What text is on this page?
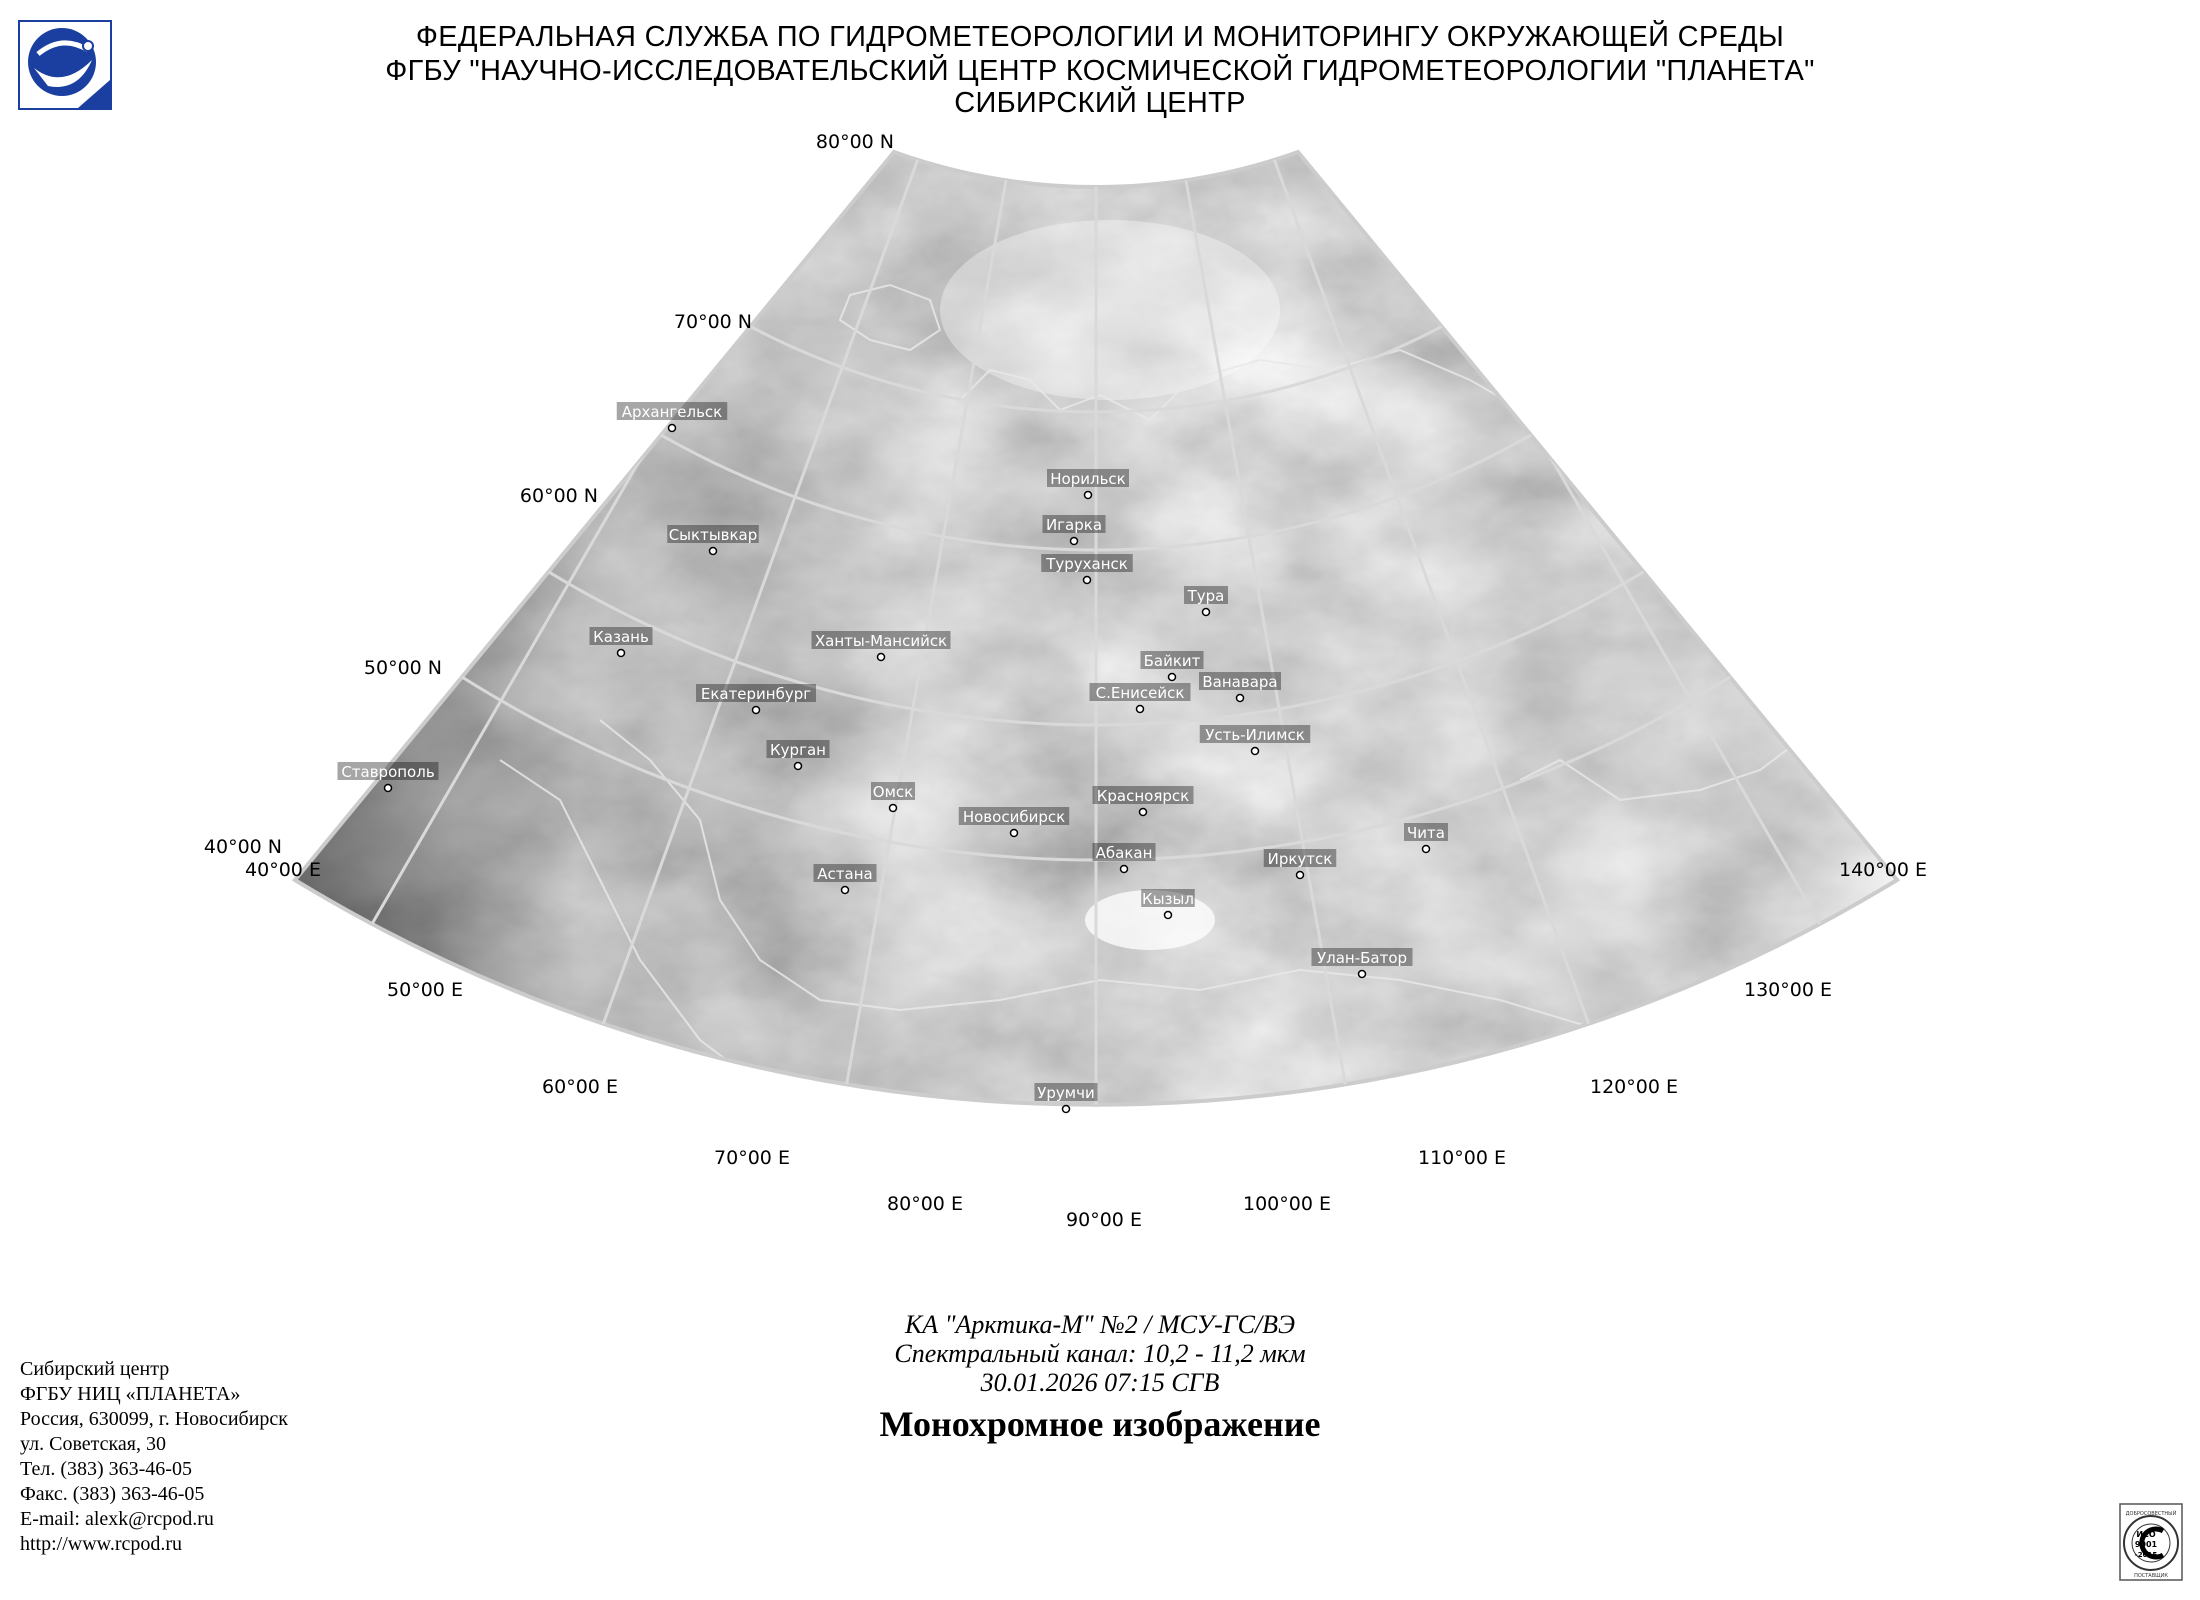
ФЕДЕРАЛЬНАЯ СЛУЖБА ПО ГИДРОМЕТЕОРОЛОГИИ И МОНИТОРИНГУ ОКРУЖАЮЩЕЙ СРЕДЫ
ФГБУ "НАУЧНО-ИССЛЕДОВАТЕЛЬСКИЙ ЦЕНТР КОСМИЧЕСКОЙ ГИДРОМЕТЕОРОЛОГИИ "ПЛАНЕТА"
СИБИРСКИЙ ЦЕНТР
80°00 N
70°00 N
60°00 N
50°00 N
40°00 N
40°00 E
50°00 E
60°00 E
70°00 E
80°00 E
90°00 E
100°00 E
110°00 E
120°00 E
130°00 E
140°00 E
Архангельск
Сыктывкар
Казань	Ханты-Мансийск
Екатеринбург
Курган
Ставрополь
Омск
Астана
Новосибирск
Норильск
Игарка
Туруханск
Тура
Байкит
С.Енисейск
Ванавара
Усть-Илимск
Красноярск
Абакан
Кызыл
Иркутск
Чита
Улан-Батор
Урумчи
КА "Арктика-М" №2 / МСУ-ГС/ВЭ
Спектральный канал: 10,2 - 11,2 мкм
30.01.2026 07:15 СГВ
Монохромное изображение
Сибирский центр
ФГБУ НИЦ «ПЛАНЕТА»
Россия, 630099, г. Новосибирск
ул. Советская, 30
Тел. (383) 363-46-05
Факс. (383) 363-46-05
E-mail: alexk@rcpod.ru
http://www.rcpod.ru
ДОБРОСОВЕСТНЫЙ
ИСО
9001
-2015
ПОСТАВЩИК
